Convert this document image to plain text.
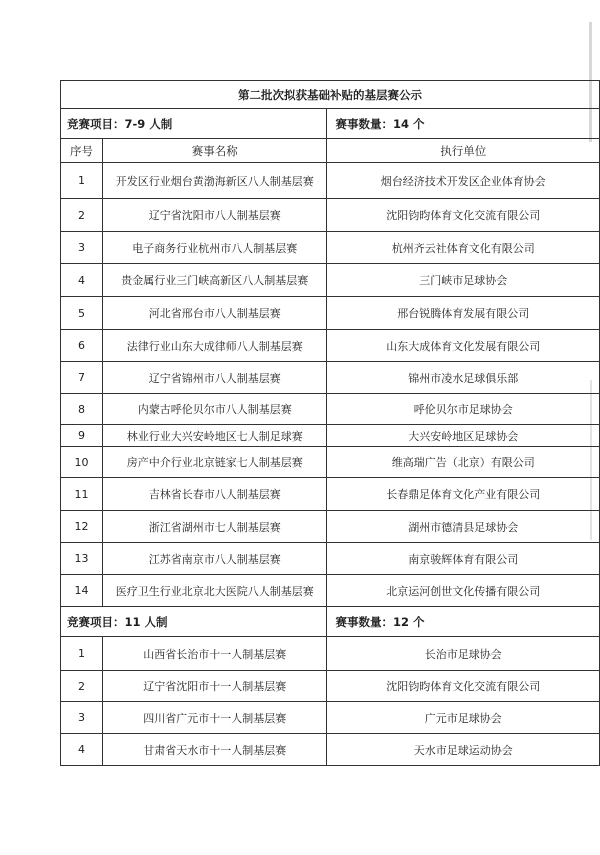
第二批次拟获基础补贴的基层赛公示		
竞赛项目：7-9 人制		赛事数量：14 个
序号	赛事名称	执行单位
1	开发区行业烟台黄渤海新区八人制基层赛	烟台经济技术开发区企业体育协会
2	辽宁省沈阳市八人制基层赛	沈阳钧昀体育文化交流有限公司
3	电子商务行业杭州市八人制基层赛	杭州齐云社体育文化有限公司
4	贵金属行业三门峡高新区八人制基层赛	三门峡市足球协会
5	河北省邢台市八人制基层赛	邢台锐腾体育发展有限公司
6	法律行业山东大成律师八人制基层赛	山东大成体育文化发展有限公司
7	辽宁省锦州市八人制基层赛	锦州市凌水足球俱乐部
8	内蒙古呼伦贝尔市八人制基层赛	呼伦贝尔市足球协会
9	林业行业大兴安岭地区七人制足球赛	大兴安岭地区足球协会
10	房产中介行业北京链家七人制基层赛	维高瑞广告（北京）有限公司
11	吉林省长春市八人制基层赛	长春鼎足体育文化产业有限公司
12	浙江省湖州市七人制基层赛	湖州市德清县足球协会
13	江苏省南京市八人制基层赛	南京骏辉体育有限公司
14	医疗卫生行业北京北大医院八人制基层赛	北京运河创世文化传播有限公司
竞赛项目：11 人制		赛事数量：12 个
1	山西省长治市十一人制基层赛	长治市足球协会
2	辽宁省沈阳市十一人制基层赛	沈阳钧昀体育文化交流有限公司
3	四川省广元市十一人制基层赛	广元市足球协会
4	甘肃省天水市十一人制基层赛	天水市足球运动协会
